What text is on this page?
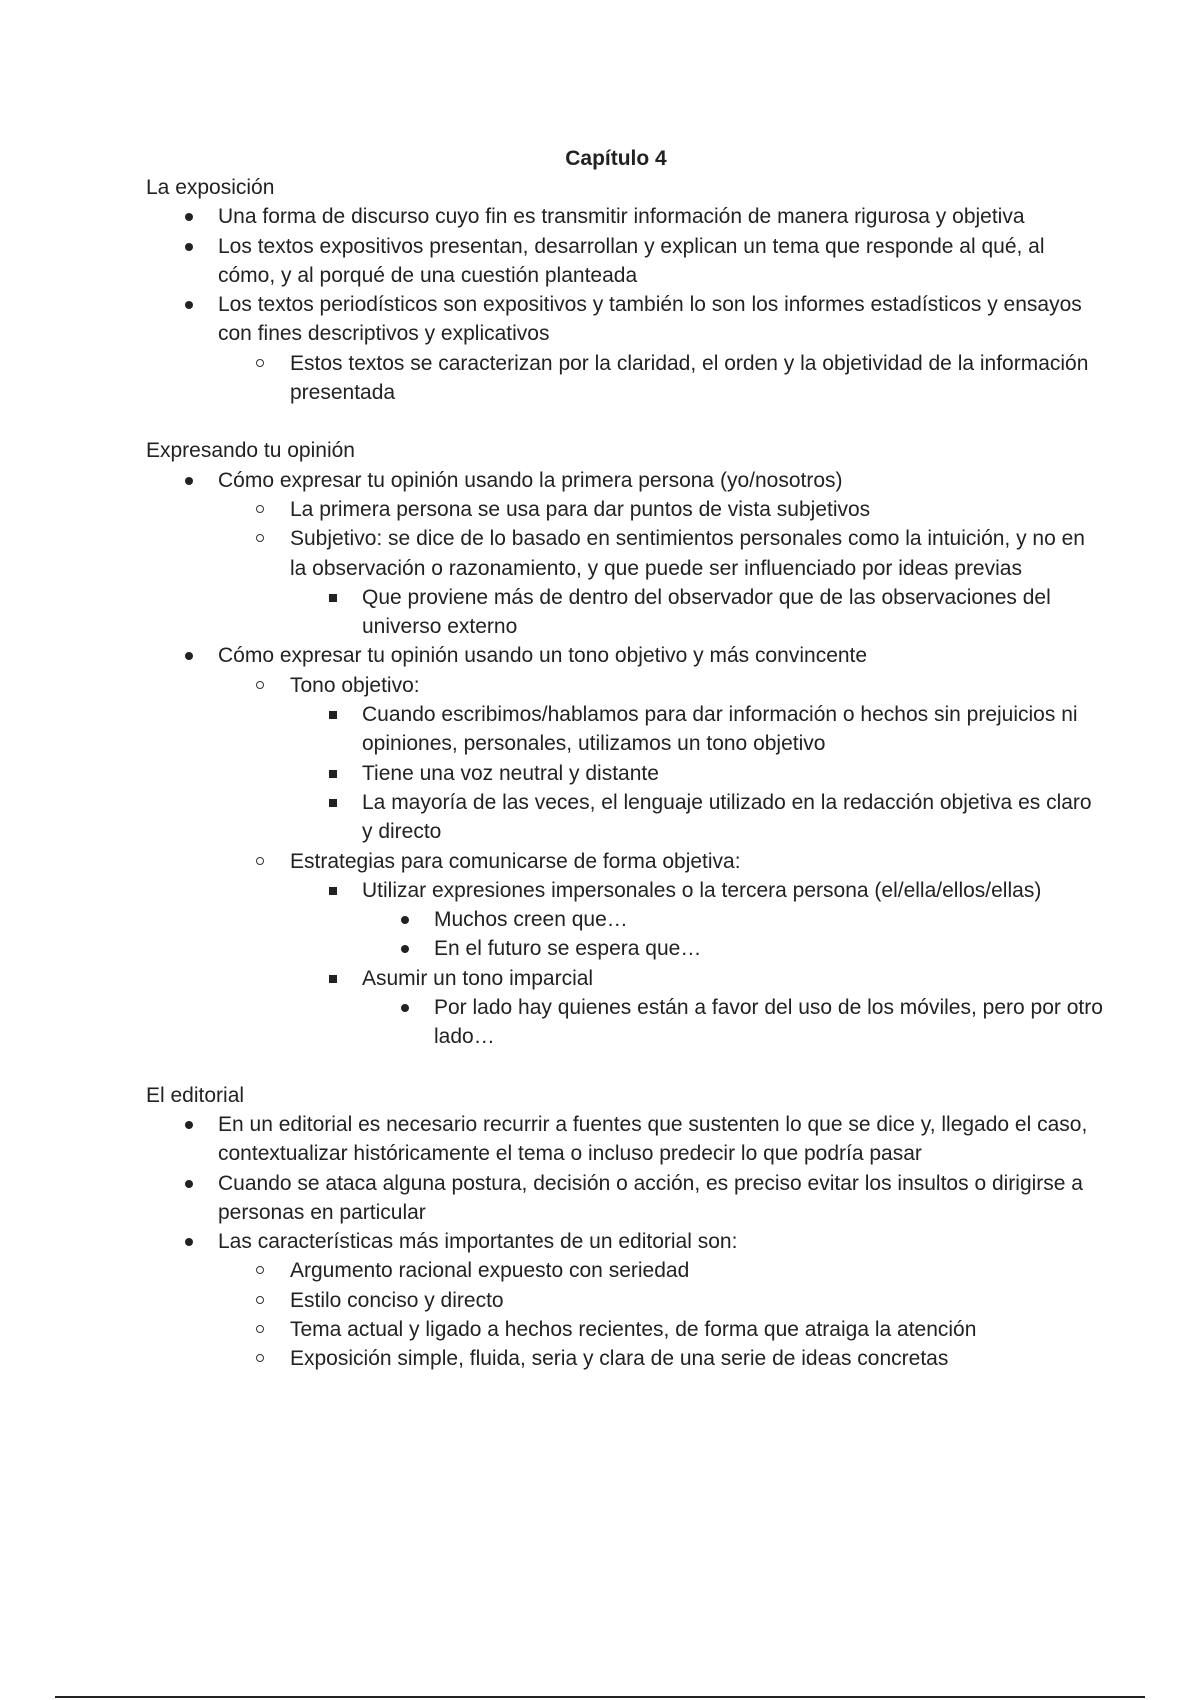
Capítulo 4

La exposición

Una forma de discurso cuyo fin es transmitir información de manera rigurosa y objetiva
Los textos expositivos presentan, desarrollan y explican un tema que responde al qué, al cómo, y al porqué de una cuestión planteada
Los textos periodísticos son expositivos y también lo son los informes estadísticos y ensayos con fines descriptivos y explicativos
Estos textos se caracterizan por la claridad, el orden y la objetividad de la información presentada

Expresando tu opinión

Cómo expresar tu opinión usando la primera persona (yo/nosotros)
La primera persona se usa para dar puntos de vista subjetivos
Subjetivo: se dice de lo basado en sentimientos personales como la intuición, y no en la observación o razonamiento, y que puede ser influenciado por ideas previas
Que proviene más de dentro del observador que de las observaciones del universo externo
Cómo expresar tu opinión usando un tono objetivo y más convincente
Tono objetivo:
Cuando escribimos/hablamos para dar información o hechos sin prejuicios ni opiniones, personales, utilizamos un tono objetivo
Tiene una voz neutral y distante
La mayoría de las veces, el lenguaje utilizado en la redacción objetiva es claro y directo
Estrategias para comunicarse de forma objetiva:
Utilizar expresiones impersonales o la tercera persona (el/ella/ellos/ellas)
Muchos creen que…
En el futuro se espera que…
Asumir un tono imparcial
Por lado hay quienes están a favor del uso de los móviles, pero por otro lado…

El editorial

En un editorial es necesario recurrir a fuentes que sustenten lo que se dice y, llegado el caso, contextualizar históricamente el tema o incluso predecir lo que podría pasar
Cuando se ataca alguna postura, decisión o acción, es preciso evitar los insultos o dirigirse a personas en particular
Las características más importantes de un editorial son:
Argumento racional expuesto con seriedad
Estilo conciso y directo
Tema actual y ligado a hechos recientes, de forma que atraiga la atención
Exposición simple, fluida, seria y clara de una serie de ideas concretas
